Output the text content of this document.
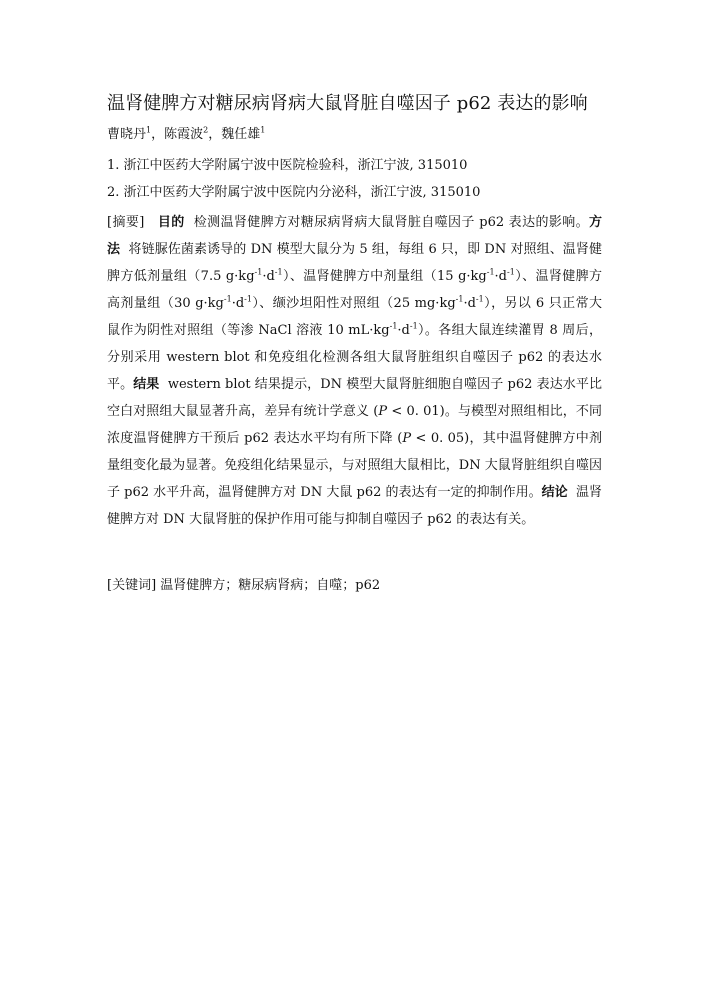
温肾健脾方对糖尿病肾病大鼠肾脏自噬因子 p62 表达的影响
曹晓丹$^1$，陈霞波$^2$，魏任雄$^1$
1. 浙江中医药大学附属宁波中医院检验科，浙江宁波, 315010
2. 浙江中医药大学附属宁波中医院内分泌科，浙江宁波, 315010

[摘要] 目的 检测温肾健脾方对糖尿病肾病大鼠肾脏自噬因子 p62 表达的影响。方法 将链脲佐菌素诱导的 DN 模型大鼠分为 5 组，每组 6 只，即 DN 对照组、温肾健脾方低剂量组（7.5 $g\cdot kg^{-1}\cdot d^{-1}$）、温肾健脾方中剂量组（15 $g\cdot kg^{-1}\cdot d^{-1}$）、温肾健脾方高剂量组（30 $g\cdot kg^{-1}\cdot d^{-1}$）、缬沙坦阳性对照组（25 $mg\cdot kg^{-1}\cdot d^{-1}$），另以 6 只正常大鼠作为阴性对照组（等渗 NaCl 溶液 10 $mL\cdot kg^{-1}\cdot d^{-1}$）。各组大鼠连续灌胃 8 周后，分别采用 western blot 和免疫组化检测各组大鼠肾脏组织自噬因子 p62 的表达水平。结果 western blot 结果提示，DN 模型大鼠肾脏细胞自噬因子 p62 表达水平比空白对照组大鼠显著升高，差异有统计学意义 (P < 0. 01)。与模型对照组相比，不同浓度温肾健脾方干预后 p62 表达水平均有所下降 (P < 0. 05)，其中温肾健脾方中剂量组变化最为显著。免疫组化结果显示，与对照组大鼠相比，DN 大鼠肾脏组织自噬因子 p62 水平升高，温肾健脾方对 DN 大鼠 p62 的表达有一定的抑制作用。结论 温肾健脾方对 DN 大鼠肾脏的保护作用可能与抑制自噬因子 p62 的表达有关。

[关键词] 温肾健脾方；糖尿病肾病；自噬；p62
